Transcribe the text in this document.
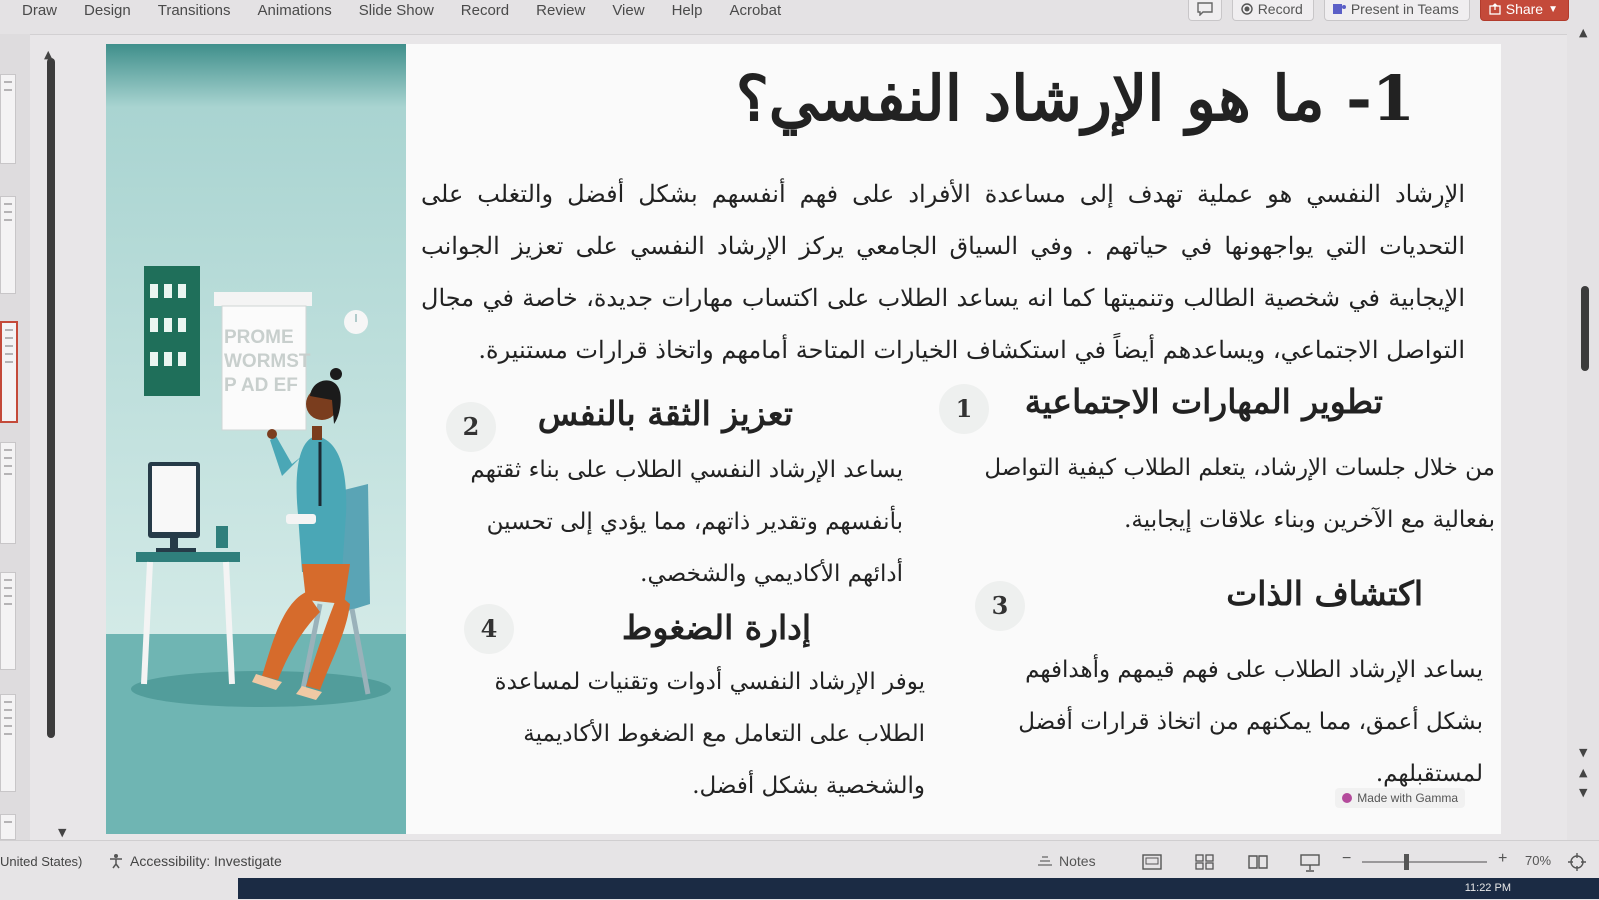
Draw Design Transitions Animations Slide Show Record Review View Help Acrobat	Record	Present in Teams	Share ▼
▲
▼
PROME
WORMST
P AD EF
1- ما هو الإرشاد النفسي؟
الإرشاد النفسي هو عملية تهدف إلى مساعدة الأفراد على فهم أنفسهم بشكل أفضل والتغلب على التحديات التي يواجهونها في حياتهم . وفي السياق الجامعي يركز الإرشاد النفسي على تعزيز الجوانب الإيجابية في شخصية الطالب وتنميتها كما انه يساعد الطلاب على اكتساب مهارات جديدة، خاصة في مجال التواصل الاجتماعي، ويساعدهم أيضاً في استكشاف الخيارات المتاحة أمامهم واتخاذ قرارات مستنيرة.
1	تطوير المهارات الاجتماعية
من خلال جلسات الإرشاد، يتعلم الطلاب كيفية التواصل بفعالية مع الآخرين وبناء علاقات إيجابية.
2	تعزيز الثقة بالنفس
يساعد الإرشاد النفسي الطلاب على بناء ثقتهم بأنفسهم وتقدير ذاتهم، مما يؤدي إلى تحسين أدائهم الأكاديمي والشخصي.
3	اكتشاف الذات
يساعد الإرشاد الطلاب على فهم قيمهم وأهدافهم بشكل أعمق، مما يمكنهم من اتخاذ قرارات أفضل لمستقبلهم.
4	إدارة الضغوط
يوفر الإرشاد النفسي أدوات وتقنيات لمساعدة الطلاب على التعامل مع الضغوط الأكاديمية والشخصية بشكل أفضل.	Made with Gamma
▲
▼
▲
▼
United States)	Accessibility: Investigate	Notes	−	+ 70%
11:22 PM
